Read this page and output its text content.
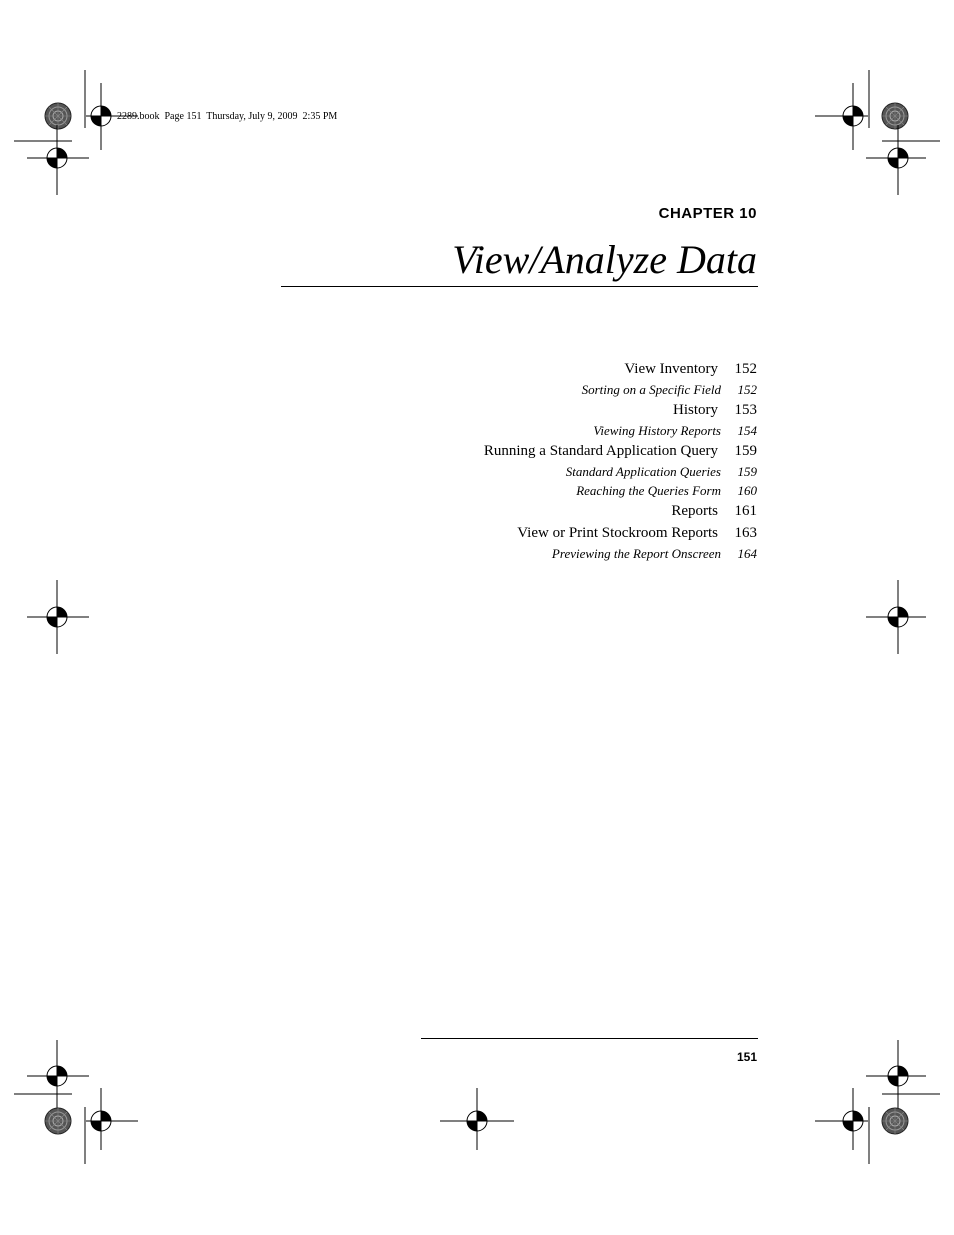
2289.book  Page 151  Thursday, July 9, 2009  2:35 PM
CHAPTER 10
View/Analyze Data
View Inventory	152
Sorting on a Specific Field	152
History	153
Viewing History Reports	154
Running a Standard Application Query	159
Standard Application Queries	159
Reaching the Queries Form	160
Reports	161
View or Print Stockroom Reports	163
Previewing the Report Onscreen	164
151
